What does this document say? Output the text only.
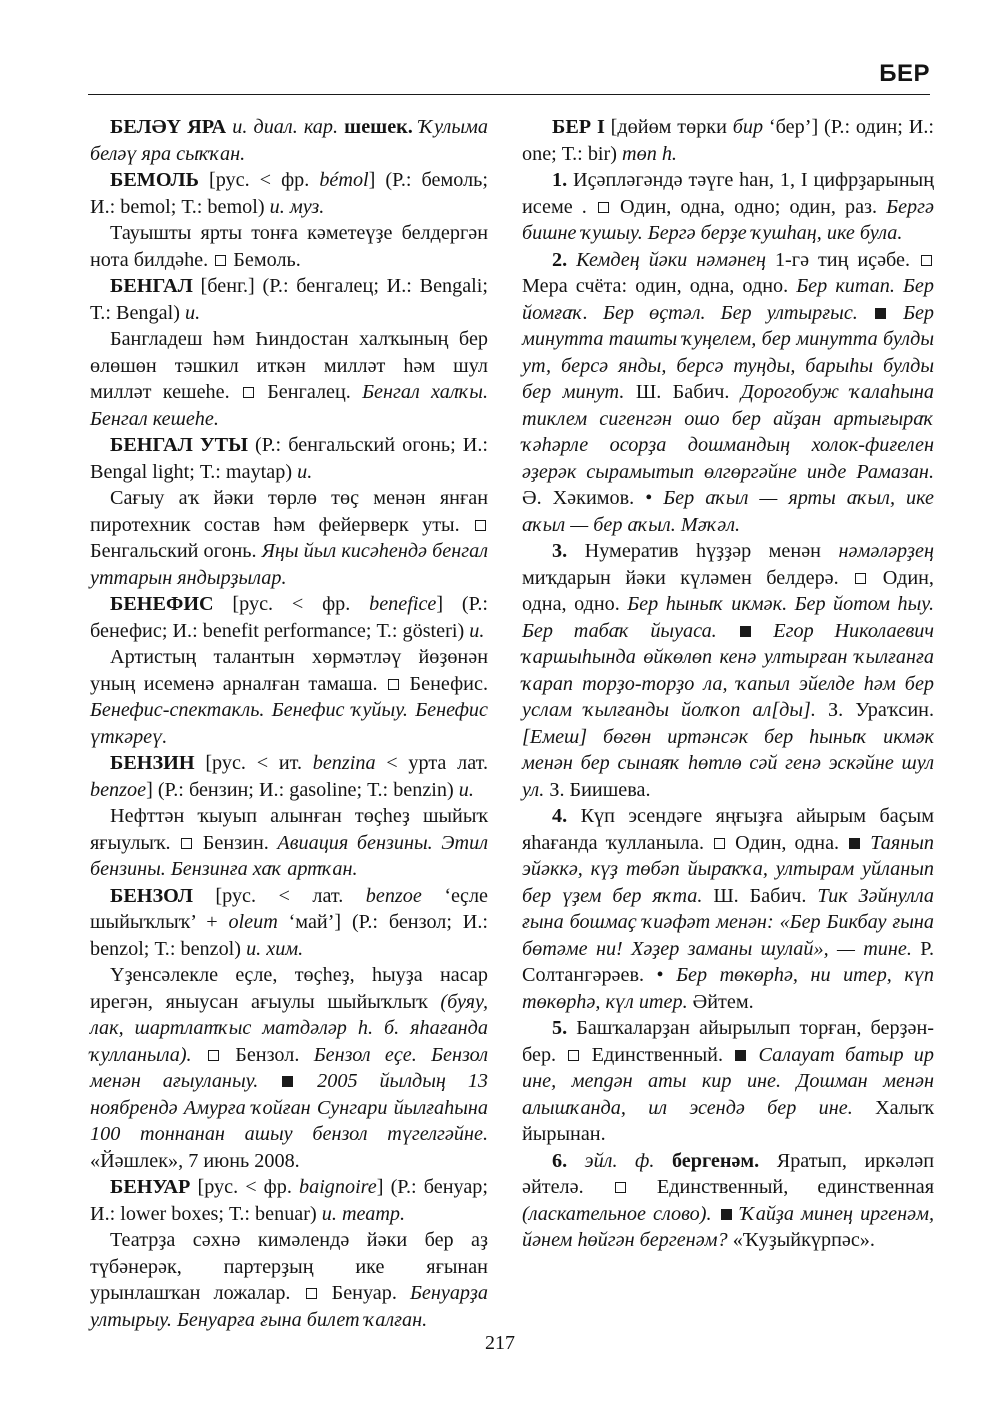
БЕР

БЕЛӘҮ ЯРА и. диал. кар. шешек. Ҡулыма беләү яра сыҡҡан.

БЕМОЛЬ [рус. < фр. bémol] (Р.: бемоль; И.: bemol; Т.: bemol) и. муз.

Тауышты ярты тонға кәметеүҙе белдергән нота билдәһе.  Бемоль.

БЕНГАЛ [бенг.] (Р.: бенгалец; И.: Bengali; Т.: Bengal) и.

Бангладеш һәм Һиндостан халҡының бер өлөшөн тәшкил иткән милләт һәм шул милләт кешеһе.  Бенгалец. Бенгал халҡы. Бенгал кешеһе.

БЕНГАЛ УТЫ (Р.: бенгальский огонь; И.: Bengal light; Т.: maytap) и.

Сағыу аҡ йәки төрлө төҫ менән янған пиротехник состав һәм фейерверк уты.  Бенгальский огонь. Яңы йыл кисәһендә бенгал уттарын яндырҙылар.

БЕНЕФИС [рус. < фр. benefice] (Р.: бенефис; И.: benefit performance; Т.: gösteri) и.

Артистың талантын хөрмәтләү йөҙөнән уның исеменә арналған тамаша.  Бенефис. Бенефис-спектакль. Бенефис ҡуйыу. Бенефис үткәреү.

БЕНЗИН [рус. < ит. benzina < урта лат. benzoe] (Р.: бензин; И.: gasoline; Т.: benzin) и.

Нефттән ҡыуып алынған төҫһеҙ шыйыҡ яғыулыҡ.  Бензин. Авиация бензины. Этил бензины. Бензинға хаҡ артҡан.

БЕНЗОЛ [рус. < лат. benzoe ‘еҫле шыйыҡлыҡ’ + oleum ‘май’] (Р.: бензол; И.: benzol; Т.: benzol) и. хим.

Үҙенсәлекле еҫле, төҫһеҙ, һыуҙа насар ирегән, яныусан ағыулы шыйыҡлыҡ (буяу, лак, шартлатҡыс матдәләр һ. б. яһағанда ҡулланыла).  Бензол. Бензол еҫе. Бензол менән ағыуланыу.	2005 йылдың 13 ноябрендә Амурға ҡойған Сунгари йылғаһына 100 тоннанан ашыу бензол түгелгәйне. «Йәшлек», 7 июнь 2008.

БЕНУАР [рус. < фр. baignoire] (Р.: бенуар; И.: lower boxes; Т.: benuar) и. театр.

Театрҙа сәхнә кимәлендә йәки бер аҙ түбәнерәк, партерҙың ике яғынан урынлашҡан ложалар.  Бенуар. Бенуарҙа ултырыу. Бенуарға ғына билет ҡалған.

БЕР I [дөйөм төрки бир ‘бер’] (Р.: один; И.: one; Т.: bir) төп h.

1. Иҫәпләгәндә тәүге һан, 1, I цифрҙарының исеме .  Один, одна, одно; один, раз. Бергә бишне ҡушыу. Бергә берҙе ҡушһаң, ике була.

2. Кемдең йәки нәмәнең 1-гә тиң иҫәбе.  Мера счёта: один, одна, одно. Бер китап. Бер йомғаҡ. Бер өҫтәл. Бер ултырғыс. Бер минутта ташты ҡуңелем, бер минутта булды ут, берсә янды, берсә туңды, барыһы булды бер минут. Ш. Бабич. Дорогобуж ҡалаһына тиклем сигенгән ошо бер айҙан артығыраҡ ҡәһәрле осорҙа дошмандың холок-фиғелен әҙерәк сырамытып өлгөргәйне инде Рамазан. Ә. Хәкимов. • Бер аҡыл — ярты аҡыл, ике аҡыл — бер аҡыл. Мәҡәл.

3. Нумератив һүҙҙәр менән нәмәләрҙең миҡдарын йәки күләмен белдерә.  Один, одна, одно. Бер һыныҡ икмәк. Бер йотом һыу. Бер табаҡ йыуаса.	Егор Николаевич ҡаршыһында өйкөлөп кенә ултырған ҡылғанға ҡарап торҙо-торҙо ла, ҡапыл эйелде һәм бер услам ҡылғанды йолҡоп ал[ды]. З. Ураҡсин. [Емеш] бөгөн иртәнсәк бер һыныҡ икмәк менән бер сынаяҡ һөтлө сәй генә эскәйне шул ул. З. Биишева.

4. Күп эсендәге яңғыҙға айырым баҫым яһағанда ҡулланыла.  Один, одна.  Таянып эйәккә, күҙ төбәп йыраҡҡа, ултырам уйланып бер үҙем бер яҡта. Ш. Бабич. Тик Зәйнулла ғына бошмаҫ ҡиәфәт менән: «Бер Бикбау ғына бөтәме ни! Хәҙер заманы шулай», — тине. Р. Солтангәрәев. • Бер төкөрһә, ни итер, күп төкөрһә, күл итер. Әйтем.

5. Башҡаларҙан айырылып торған, берҙән-бер.  Единственный.  Салауат батыр ир ине, мengән аты кир ине. Дошман менән алышҡанда, ил эсендә бер ине. Халыҡ йырынан.

6. эйл. ф. бергенәм. Яратып, иркәләп әйтелә.  Единственный, единственная (ласкательное слово). Ҡайҙа минең иргенәм, йәнем һөйгән бергенәм? «Ҡуҙыйкүрпәс».

217
